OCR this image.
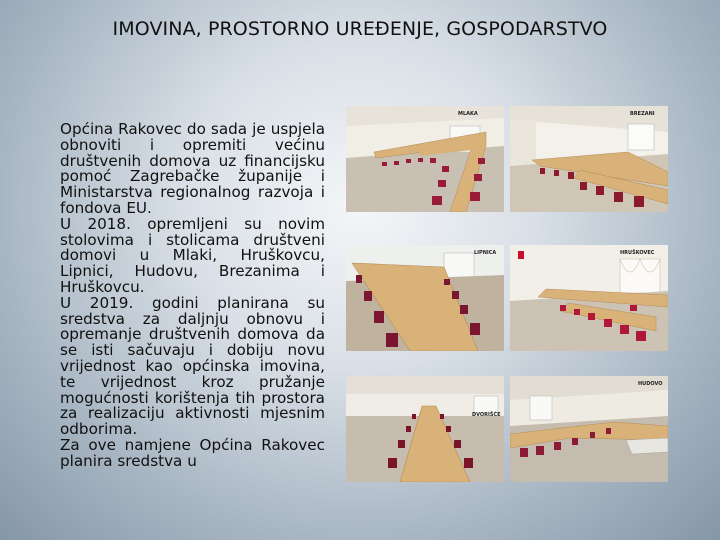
IMOVINA, PROSTORNO UREĐENJE, GOSPODARSTVO

Općina Rakovec do sada je uspjela obnoviti i opremiti većinu društvenih domova uz financijsku pomoć Zagrebačke županije i Ministarstva regionalnog razvoja i fondova EU.

U 2018. opremljeni su novim stolovima i stolicama društveni domovi u Mlaki, Hruškovcu, Lipnici, Hudovu, Brezanima i Hruškovcu.

U 2019. godini planirana su sredstva za daljnju obnovu i opremanje društvenih domova da se isti sačuvaju i dobiju novu vrijednost kao općinska imovina, te vrijednost kroz pružanje mogućnosti korištenja tih prostora za realizaciju aktivnosti mjesnim odborima.

Za ove namjene Općina Rakovec planira sredstva u

MLAKA	BREZANI
LIPNICA	HRUŠKOVEC
DVORIŠĆE
HUDOVO
